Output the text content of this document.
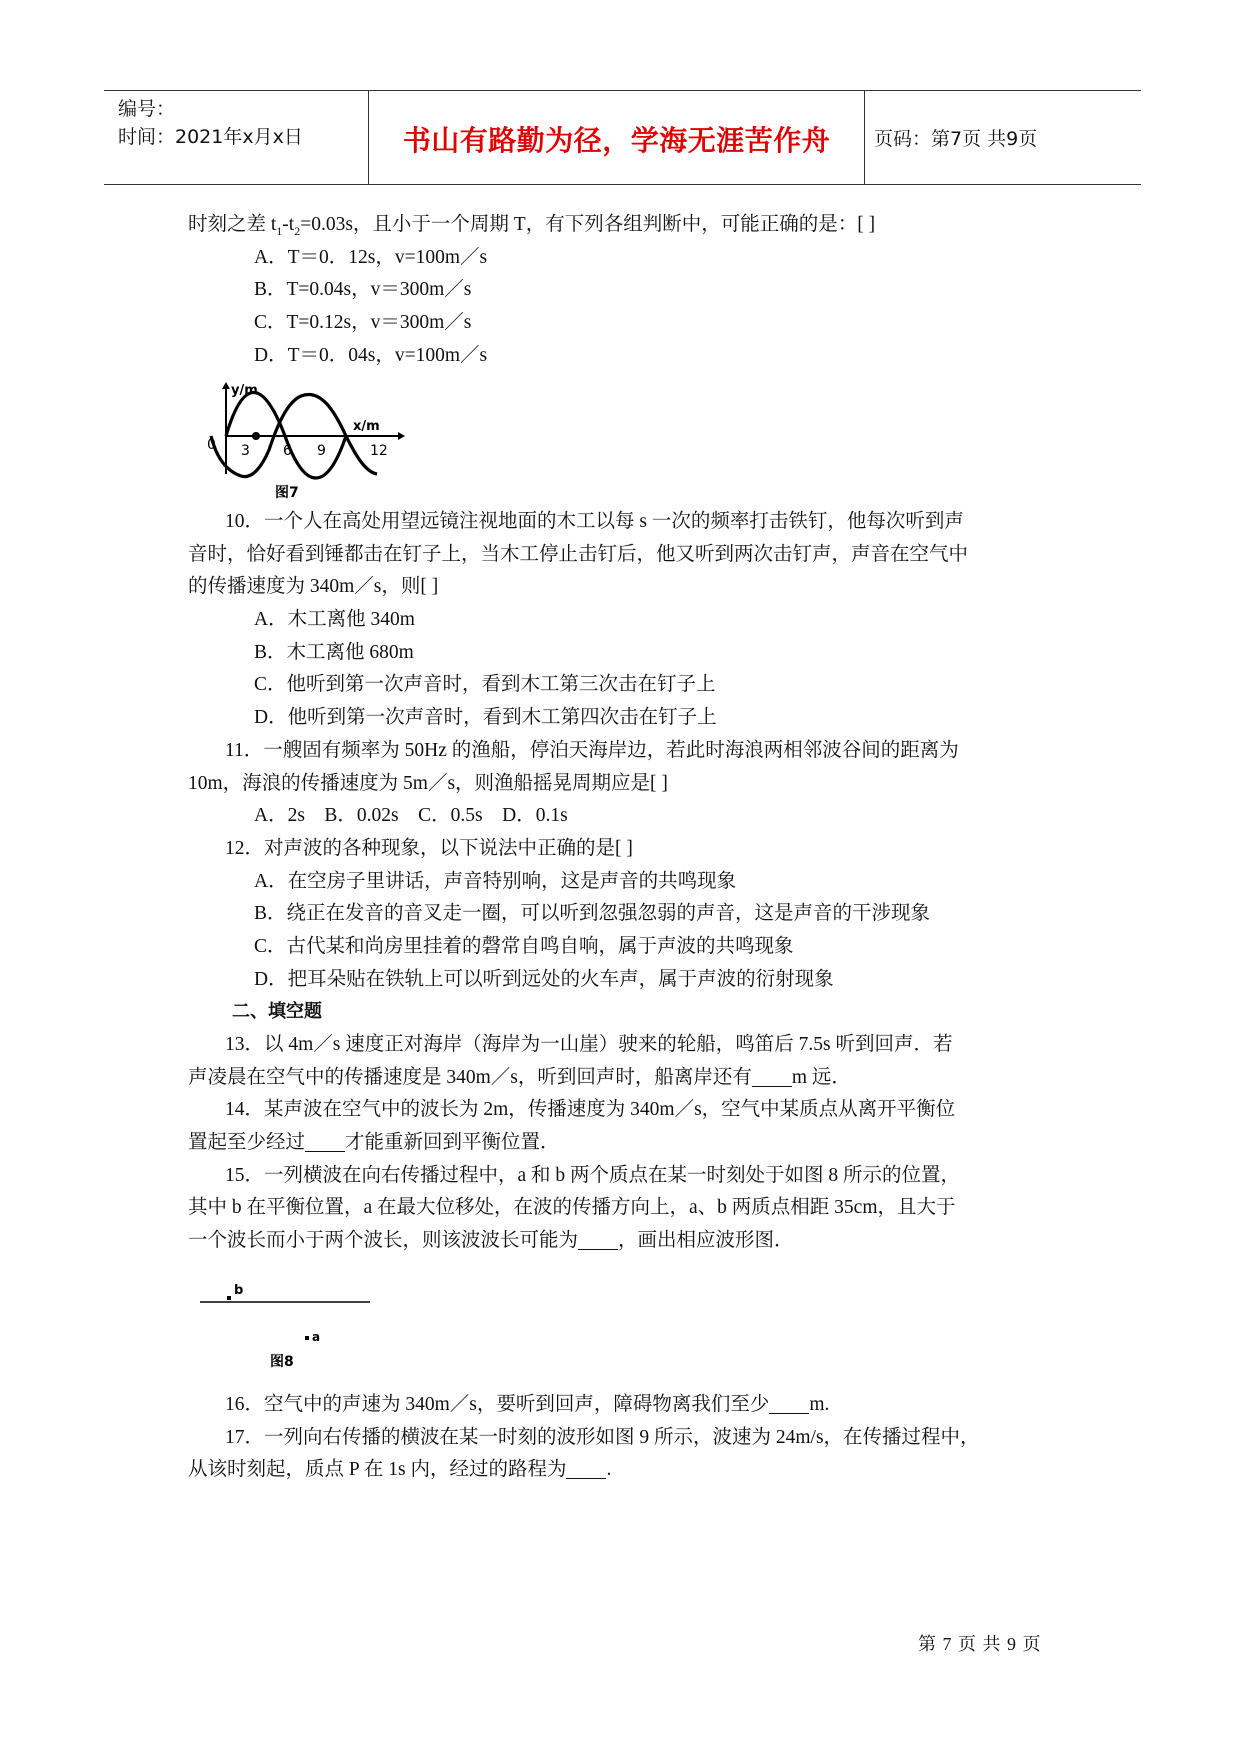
编号：
时间：2021年x月x日	书山有路勤为径，学海无涯苦作舟	页码：第7页 共9页
时刻之差 $t_1-t_2=0.03s$，且小于一个周期 T，有下列各组判断中，可能正确的是：[ ]
A．T＝0．12s，v=100m／s
B．T=0.04s，v＝300m／s
C．T=0.12s，v＝300m／s
D．T＝0．04s，v=100m／s
y/m
x/m
0 3 6 9	12
图7
10．一个人在高处用望远镜注视地面的木工以每 s 一次的频率打击铁钉，他每次听到声
音时，恰好看到锤都击在钉子上，当木工停止击钉后，他又听到两次击钉声，声音在空气中
的传播速度为 340m／s，则[ ]
A．木工离他 340m
B．木工离他 680m
C．他听到第一次声音时，看到木工第三次击在钉子上
D．他听到第一次声音时，看到木工第四次击在钉子上
11．一艘固有频率为 50Hz 的渔船，停泊天海岸边，若此时海浪两相邻波谷间的距离为
10m，海浪的传播速度为 5m／s，则渔船摇晃周期应是[ ]
A．2s　B．0.02s　C．0.5s　D．0.1s
12．对声波的各种现象，以下说法中正确的是[ ]
A．在空房子里讲话，声音特别响，这是声音的共鸣现象
B．绕正在发音的音叉走一圈，可以听到忽强忽弱的声音，这是声音的干涉现象
C．古代某和尚房里挂着的磬常自鸣自响，属于声波的共鸣现象
D．把耳朵贴在铁轨上可以听到远处的火车声，属于声波的衍射现象
二、填空题
13．以 4m／s 速度正对海岸（海岸为一山崖）驶来的轮船，鸣笛后 7.5s 听到回声．若
声凌晨在空气中的传播速度是 340m／s，听到回声时，船离岸还有 m 远．
14．某声波在空气中的波长为 2m，传播速度为 340m／s，空气中某质点从离开平衡位
置起至少经过 才能重新回到平衡位置．
15．一列横波在向右传播过程中，a 和 b 两个质点在某一时刻处于如图 8 所示的位置，
其中 b 在平衡位置，a 在最大位移处，在波的传播方向上，a、b 两质点相距 35cm，且大于
一个波长而小于两个波长，则该波波长可能为 ，画出相应波形图．
b
a
图8
16．空气中的声速为 340m／s，要听到回声，障碍物离我们至少 m.
17．一列向右传播的横波在某一时刻的波形如图 9 所示，波速为 24m/s，在传播过程中，
从该时刻起，质点 P 在 1s 内，经过的路程为 .
第 7 页 共 9 页
